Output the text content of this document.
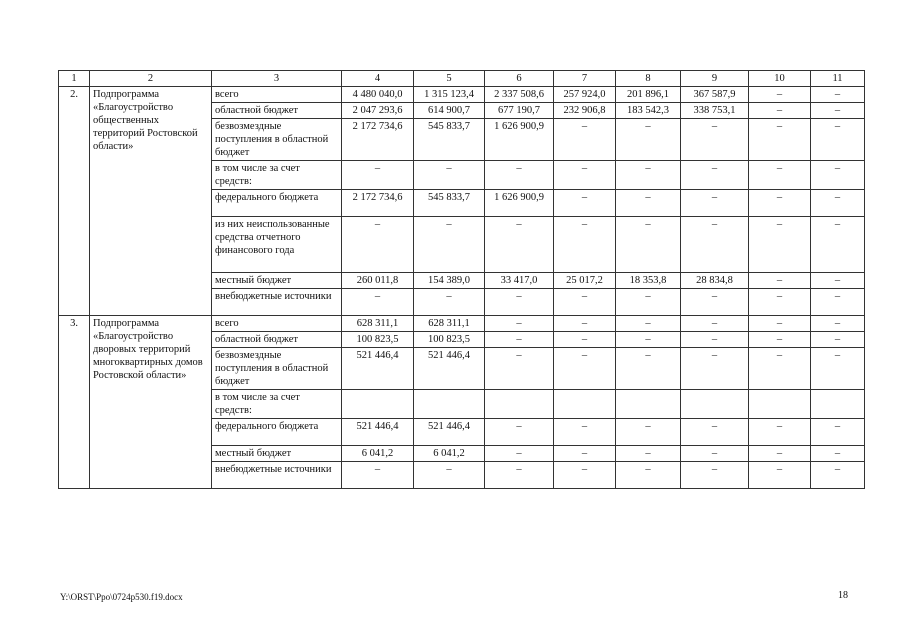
1	2	3	4	5	6	7	8	9	10	11
2.	Подпрограмма «Благоустройство общественных территорий Ростовской области»	всего	4 480 040,0	1 315 123,4	2 337 508,6	257 924,0	201 896,1	367 587,9	–	–
		областной бюджет	2 047 293,6	614 900,7	677 190,7	232 906,8	183 542,3	338 753,1	–	–
		безвозмездные поступления в областной бюджет	2 172 734,6	545 833,7	1 626 900,9	–	–	–	–	–
		в том числе за счет средств:	–	–	–	–	–	–	–	–
		федерального бюджета	2 172 734,6	545 833,7	1 626 900,9	–	–	–	–	–
		из них неиспользованные средства отчетного финансового года	–	–	–	–	–	–	–	–
		местный бюджет	260 011,8	154 389,0	33 417,0	25 017,2	18 353,8	28 834,8	–	–
		внебюджетные источники	–	–	–	–	–	–	–	–
3.	Подпрограмма «Благоустройство дворовых территорий многоквартирных домов Ростовской области»	всего	628 311,1	628 311,1	–	–	–	–	–	–
		областной бюджет	100 823,5	100 823,5	–	–	–	–	–	–
		безвозмездные поступления в областной бюджет	521 446,4	521 446,4	–	–	–	–	–	–
		в том числе за счет средств:								
		федерального бюджета	521 446,4	521 446,4	–	–	–	–	–	–
		местный бюджет	6 041,2	6 041,2	–	–	–	–	–	–
		внебюджетные источники	–	–	–	–	–	–	–	–
Y:\ORST\Ppo\0724p530.f19.docx	18
